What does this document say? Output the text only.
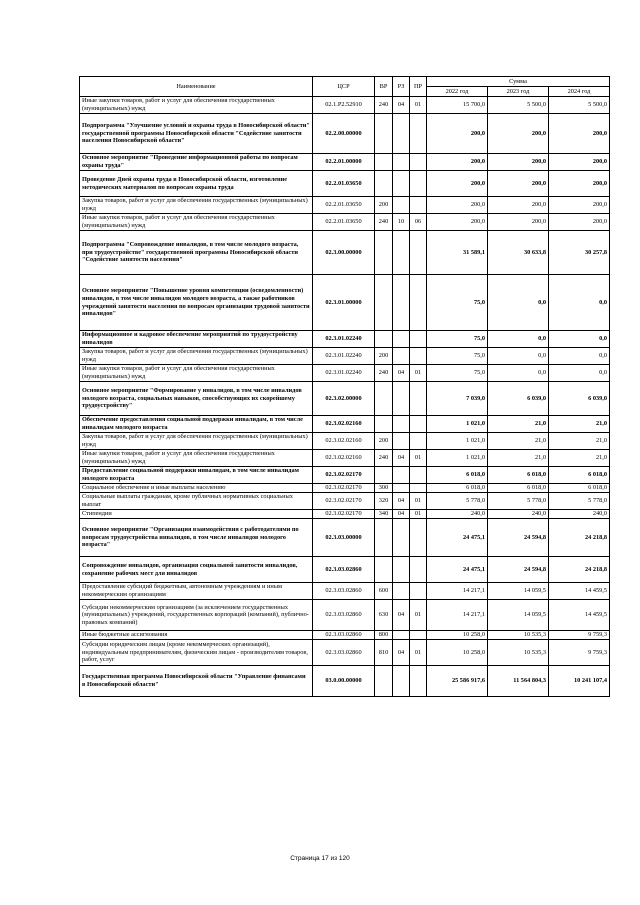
Наименование	ЦСР	ВР	РЗ	ПР	Сумма		
					2022 год	2023 год	2024 год
Иные закупки товаров, работ и услуг для обеспечения государственных (муниципальных) нужд	02.1.Р2.52910	240	04	01	15 700,0	5 500,0	5 500,0
Подпрограмма "Улучшение условий и охраны труда в Новосибирской области" государственной программы Новосибирской области "Содействие занятости населения Новосибирской области"	02.2.00.00000				200,0	200,0	200,0
Основное мероприятие "Проведение информационной работы по вопросам охраны труда"	02.2.01.00000				200,0	200,0	200,0
Проведение Дней охраны труда в Новосибирской области, изготовление методических материалов по вопросам охраны труда	02.2.01.03650				200,0	200,0	200,0
Закупка товаров, работ и услуг для обеспечения государственных (муниципальных) нужд	02.2.01.03650	200			200,0	200,0	200,0
Иные закупки товаров, работ и услуг для обеспечения государственных (муниципальных) нужд	02.2.01.03650	240	10	06	200,0	200,0	200,0
Подпрограмма "Сопровождение инвалидов, в том числе молодого возраста, при трудоустройстве" государственной программы Новосибирской области "Содействие занятости населения"	02.3.00.00000				31 589,1	30 633,8	30 257,8
Основное мероприятие "Повышение уровня компетенции (осведомленности) инвалидов, в том числе инвалидов молодого возраста, а также работников учреждений занятости населения по вопросам организации трудовой занятости инвалидов"	02.3.01.00000				75,0	0,0	0,0
Информационное и кадровое обеспечение мероприятий по трудоустройству инвалидов	02.3.01.02240				75,0	0,0	0,0
Закупка товаров, работ и услуг для обеспечения государственных (муниципальных) нужд	02.3.01.02240	200			75,0	0,0	0,0
Иные закупки товаров, работ и услуг для обеспечения государственных (муниципальных) нужд	02.3.01.02240	240	04	01	75,0	0,0	0,0
Основное мероприятие "Формирование у инвалидов, в том числе инвалидов молодого возраста, социальных навыков, способствующих их скорейшему трудоустройству"	02.3.02.00000				7 039,0	6 039,0	6 039,0
Обеспечение предоставления социальной поддержки инвалидам, в том числе инвалидам молодого возраста	02.3.02.02160				1 021,0	21,0	21,0
Закупка товаров, работ и услуг для обеспечения государственных (муниципальных) нужд	02.3.02.02160	200			1 021,0	21,0	21,0
Иные закупки товаров, работ и услуг для обеспечения государственных (муниципальных) нужд	02.3.02.02160	240	04	01	1 021,0	21,0	21,0
Предоставление социальной поддержки инвалидам, в том числе инвалидам молодого возраста	02.3.02.02170				6 018,0	6 018,0	6 018,0
Социальное обеспечение и иные выплаты населению	02.3.02.02170	300			6 018,0	6 018,0	6 018,0
Социальные выплаты гражданам, кроме публичных нормативных социальных выплат	02.3.02.02170	320	04	01	5 778,0	5 778,0	5 778,0
Стипендии	02.3.02.02170	340	04	01	240,0	240,0	240,0
Основное мероприятие "Организация взаимодействия с работодателями по вопросам трудоустройства инвалидов, в том числе инвалидов молодого возраста"	02.3.03.00000				24 475,1	24 594,8	24 218,8
Сопровождение инвалидов, организация социальной занятости инвалидов, сохранение рабочих мест для инвалидов	02.3.03.02860				24 475,1	24 594,8	24 218,8
Предоставление субсидий бюджетным, автономным учреждениям и иным некоммерческим организациям	02.3.03.02860	600			14 217,1	14 059,5	14 459,5
Субсидии некоммерческим организациям (за исключением государственных (муниципальных) учреждений, государственных корпораций (компаний), публично-правовых компаний)	02.3.03.02860	630	04	01	14 217,1	14 059,5	14 459,5
Иные бюджетные ассигнования	02.3.03.02860	800			10 258,0	10 535,3	9 759,3
Субсидии юридическим лицам (кроме некоммерческих организаций), индивидуальным предпринимателям, физическим лицам - производителям товаров, работ, услуг	02.3.03.02860	810	04	01	10 258,0	10 535,3	9 759,3
Государственная программа Новосибирской области "Управление финансами в Новосибирской области"	03.0.00.00000				25 586 917,6	11 564 804,3	10 241 107,4
Страница 17 из 120
